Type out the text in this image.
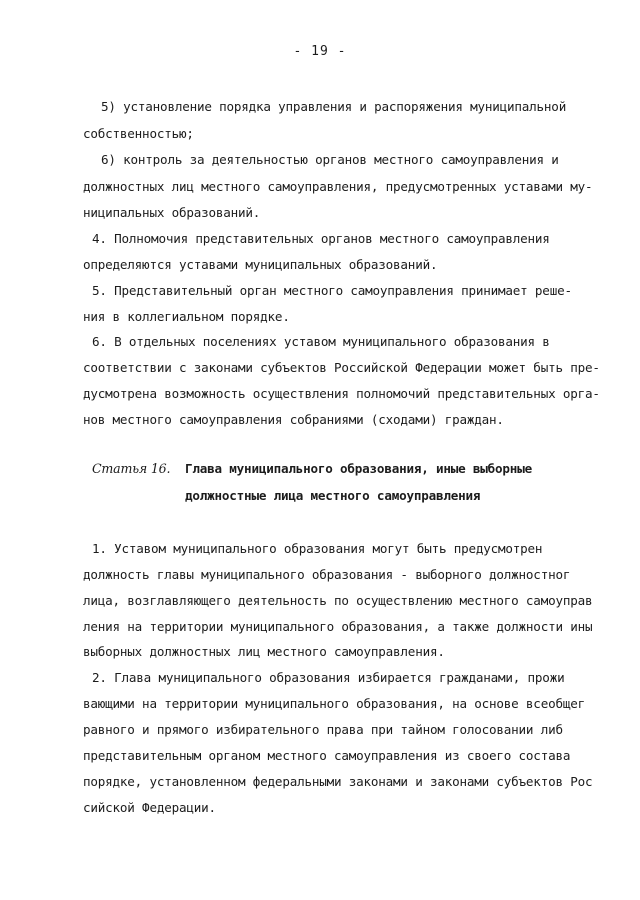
- 19 -
5) установление порядка управления и распоряжения муниципальной
собственностью;
6) контроль за деятельностью органов местного самоуправления и
должностных лиц местного самоуправления, предусмотренных уставами му-
ниципальных образований.
4. Полномочия представительных органов местного самоуправления
определяются уставами муниципальных образований.
5. Представительный орган местного самоуправления принимает реше-
ния в коллегиальном порядке.
6. В отдельных поселениях уставом муниципального образования в
соответствии с законами субъектов Российской Федерации может быть пре-
дусмотрена возможность осуществления полномочий представительных орга-
нов местного самоуправления собраниями (сходами) граждан.
Статья 16. Глава муниципального образования, иные выборные
должностные лица местного самоуправления
1. Уставом муниципального образования могут быть предусмотрен
должность главы муниципального образования - выборного должностног
лица, возглавляющего деятельность по осуществлению местного самоуправ
ления на территории муниципального образования, а также должности ины
выборных должностных лиц местного самоуправления.
2. Глава муниципального образования избирается гражданами, прожи
вающими на территории муниципального образования, на основе всеобщег
равного и прямого избирательного права при тайном голосовании либ
представительным органом местного самоуправления из своего состава
порядке, установленном федеральными законами и законами субъектов Рос
сийской Федерации.
